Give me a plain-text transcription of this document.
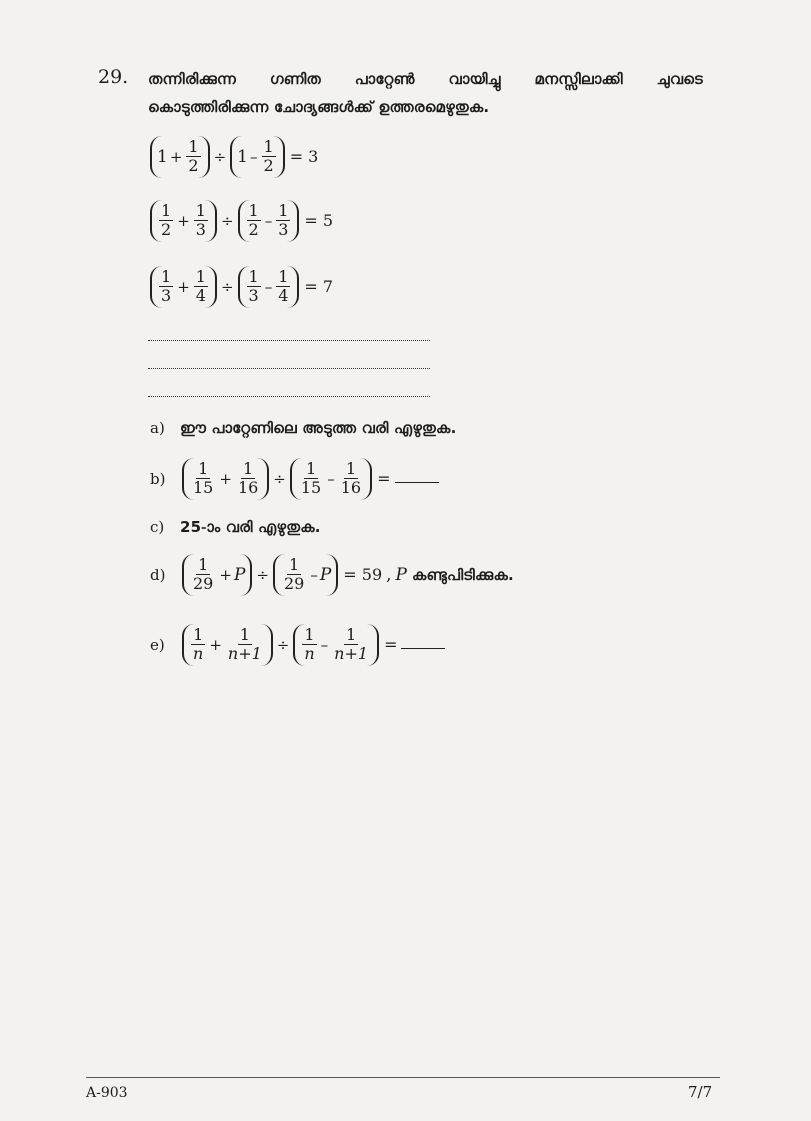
29. തന്നിരിക്കുന്ന ഗണിത പാറ്റേൺ വായിച്ചു മനസ്സിലാക്കി ചുവടെ
കൊടുത്തിരിക്കുന്ന ചോദ്യങ്ങൾക്ക് ഉത്തരമെഴുതുക.
$1 + \frac{1}{2} \div 1 - \frac{1}{2} = 3$
$\frac{1}{2} + \frac{1}{3} \div \frac{1}{2} - \frac{1}{3} = 5$
$\frac{1}{3} + \frac{1}{4} \div \frac{1}{3} - \frac{1}{4} = 7$
a) ഈ പാറ്റേണിലെ അടുത്ത വരി എഴുതുക.
$b) \frac{1}{15} + \frac{1}{16} \div \frac{1}{15} - \frac{1}{16}$ =
c) 25-ാം വരി എഴുതുക.
$d) \frac{1}{29} + P \div \frac{1}{29} - P = 59$ , P കണ്ടുപിടിക്കുക.
$e) \frac{1}{n} + \frac{1}{n+1} \div \frac{1}{n} - \frac{1}{n+1}$ =
A-903	7/7
